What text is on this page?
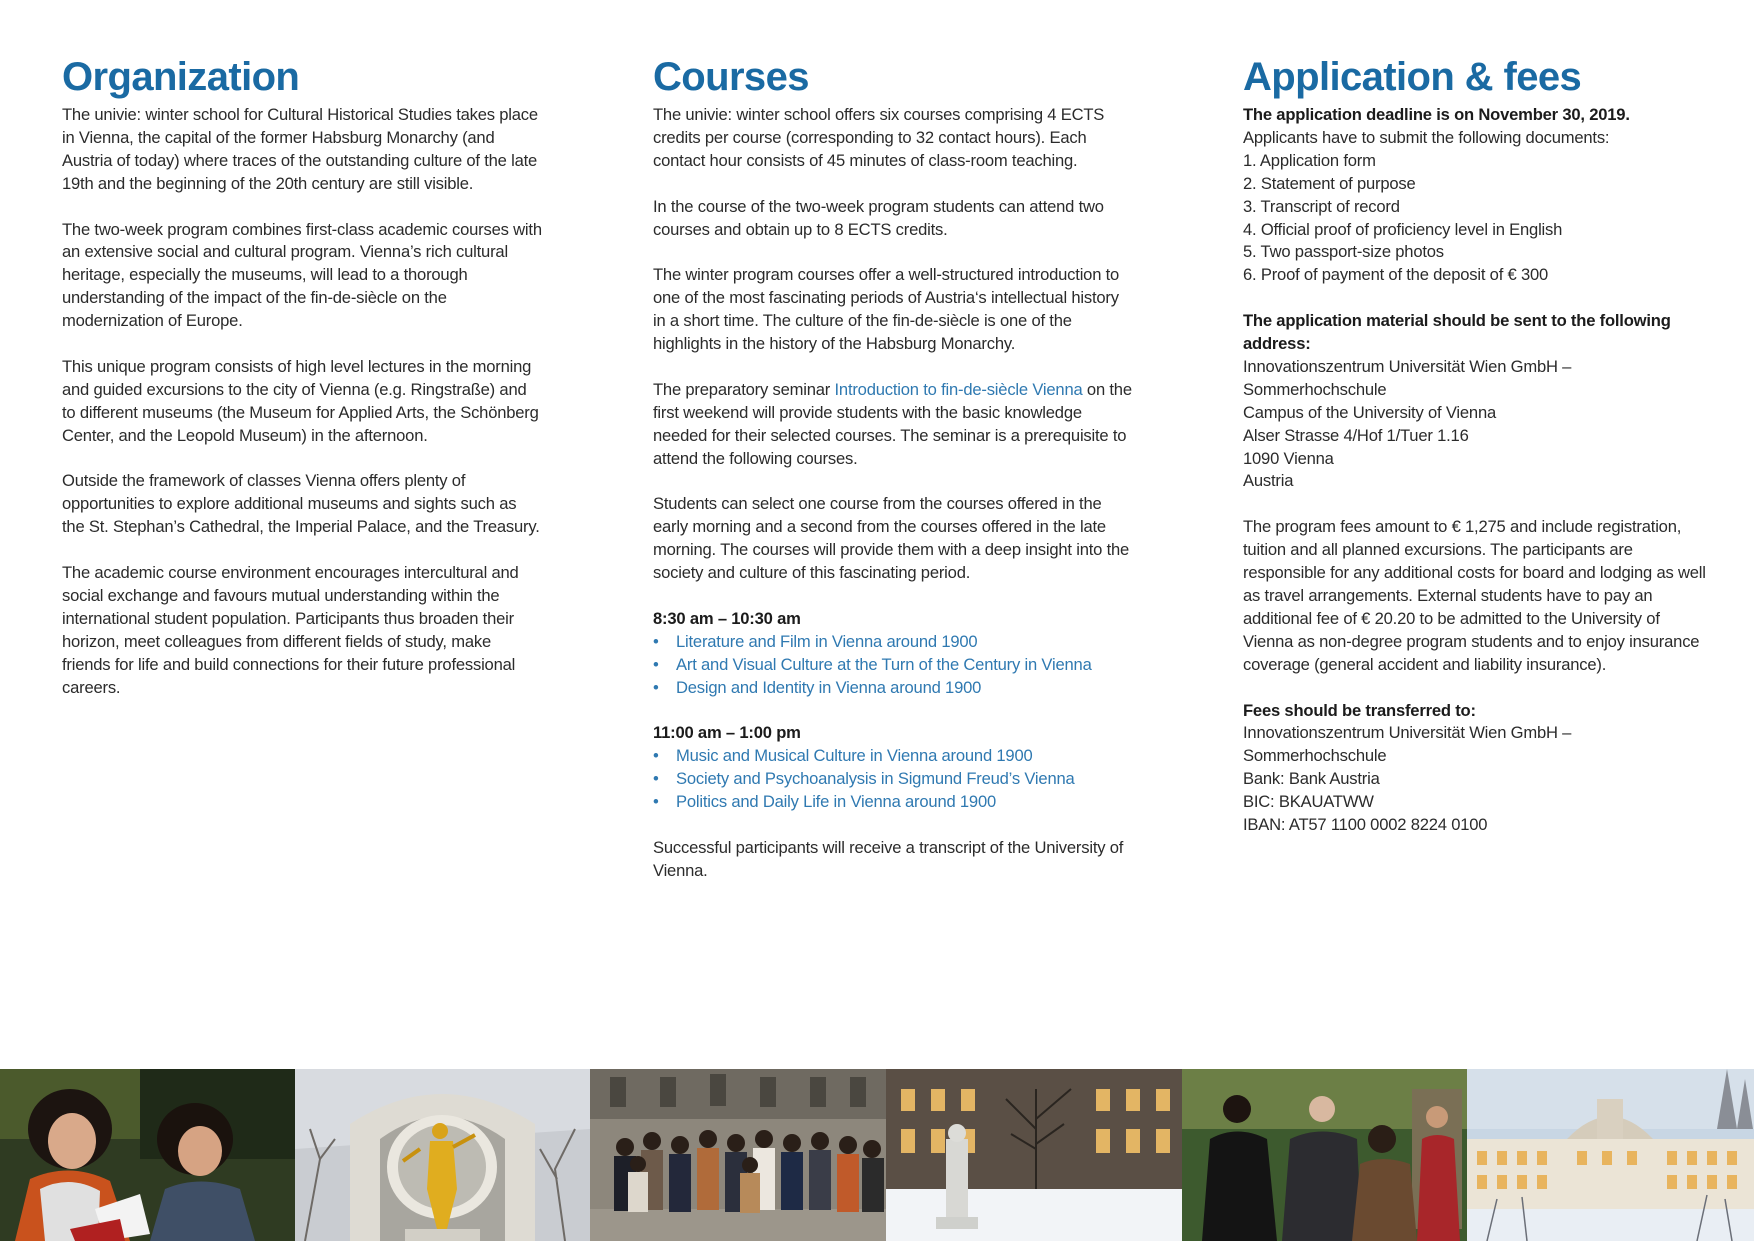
Organization

The univie: winter school for Cultural Historical Studies takes place in Vienna, the capital of the former Habsburg Monarchy (and Austria of today) where traces of the outstanding culture of the late 19th and the beginning of the 20th century are still visible.

The two-week program combines first-class academic courses with an extensive social and cultural program. Vienna’s rich cultural heritage, especially the museums, will lead to a thorough understanding of the impact of the fin-de-siècle on the modernization of Europe.

This unique program consists of high level lectures in the morning and guided excursions to the city of Vienna (e.g. Ringstraße) and to different museums (the Museum for Applied Arts, the Schönberg Center, and the Leopold Museum) in the afternoon.

Outside the framework of classes Vienna offers plenty of opportunities to explore additional museums and sights such as the St. Stephan’s Cathedral, the Imperial Palace, and the Treasury.

The academic course environment encourages intercultural and social exchange and favours mutual understanding within the international student population. Participants thus broaden their horizon, meet colleagues from different fields of study, make friends for life and build connections for their future professional careers.

Courses

The univie: winter school offers six courses comprising 4 ECTS credits per course (corresponding to 32 contact hours). Each contact hour consists of 45 minutes of class-room teaching.

In the course of the two-week program students can attend two courses and obtain up to 8 ECTS credits.

The winter program courses offer a well-structured introduction to one of the most fascinating periods of Austria‘s intellectual history in a short time. The culture of the fin-de-siècle is one of the highlights in the history of the Habsburg Monarchy.

The preparatory seminar Introduction to fin-de-siècle Vienna on the first weekend will provide students with the basic knowledge needed for their selected courses. The seminar is a prerequisite to attend the following courses.

Students can select one course from the courses offered in the early morning and a second from the courses offered in the late morning. The courses will provide them with a deep insight into the society and culture of this fascinating period.

8:30 am – 10:30 am
• Literature and Film in Vienna around 1900
• Art and Visual Culture at the Turn of the Century in Vienna
• Design and Identity in Vienna around 1900
11:00 am – 1:00 pm
• Music and Musical Culture in Vienna around 1900
• Society and Psychoanalysis in Sigmund Freud’s Vienna
• Politics and Daily Life in Vienna around 1900

Successful participants will receive a transcript of the University of Vienna.

Application & fees
The application deadline is on November 30, 2019.
Applicants have to submit the following documents:
1. Application form
2. Statement of purpose
3. Transcript of record
4. Official proof of proficiency level in English
5. Two passport-size photos
6. Proof of payment of the deposit of € 300
The application material should be sent to the following address:
Innovationszentrum Universität Wien GmbH –
Sommerhochschule
Campus of the University of Vienna
Alser Strasse 4/Hof 1/Tuer 1.16
1090 Vienna
Austria

The program fees amount to € 1,275 and include registration, tuition and all planned excursions. The participants are responsible for any additional costs for board and lodging as well as travel arrangements. External students have to pay an additional fee of € 20.20 to be admitted to the University of Vienna as non-degree program students and to enjoy insurance coverage (general accident and liability insurance).

Fees should be transferred to:
Innovationszentrum Universität Wien GmbH –
Sommerhochschule
Bank: Bank Austria
BIC: BKAUATWW
IBAN: AT57 1100 0002 8224 0100
